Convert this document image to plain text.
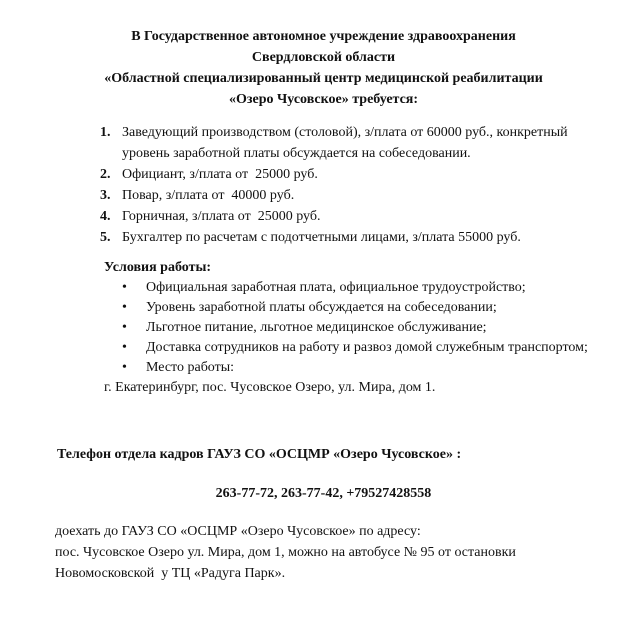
В Государственное автономное учреждение здравоохранения
Свердловской области
«Областной специализированный центр медицинской реабилитации
«Озеро Чусовское» требуется:
1. Заведующий производством (столовой), з/плата от 60000 руб., конкретный уровень заработной платы обсуждается на собеседовании.
2. Официант, з/плата от  25000 руб.
3. Повар, з/плата от  40000 руб.
4. Горничная, з/плата от  25000 руб.
5. Бухгалтер по расчетам с подотчетными лицами, з/плата 55000 руб.
Условия работы:
•	Официальная заработная плата, официальное трудоустройство;
•	Уровень заработной платы обсуждается на собеседовании;
•	Льготное питание, льготное медицинское обслуживание;
•	Доставка сотрудников на работу и развоз домой служебным транспортом;
•	Место работы:
г. Екатеринбург, пос. Чусовское Озеро, ул. Мира, дом 1.
Телефон отдела кадров ГАУЗ СО «ОСЦМР «Озеро Чусовское» :
263-77-72, 263-77-42, +79527428558
доехать до ГАУЗ СО «ОСЦМР «Озеро Чусовское» по адресу:
пос. Чусовское Озеро ул. Мира, дом 1, можно на автобусе № 95 от остановки
Новомосковской  у ТЦ «Радуга Парк».
